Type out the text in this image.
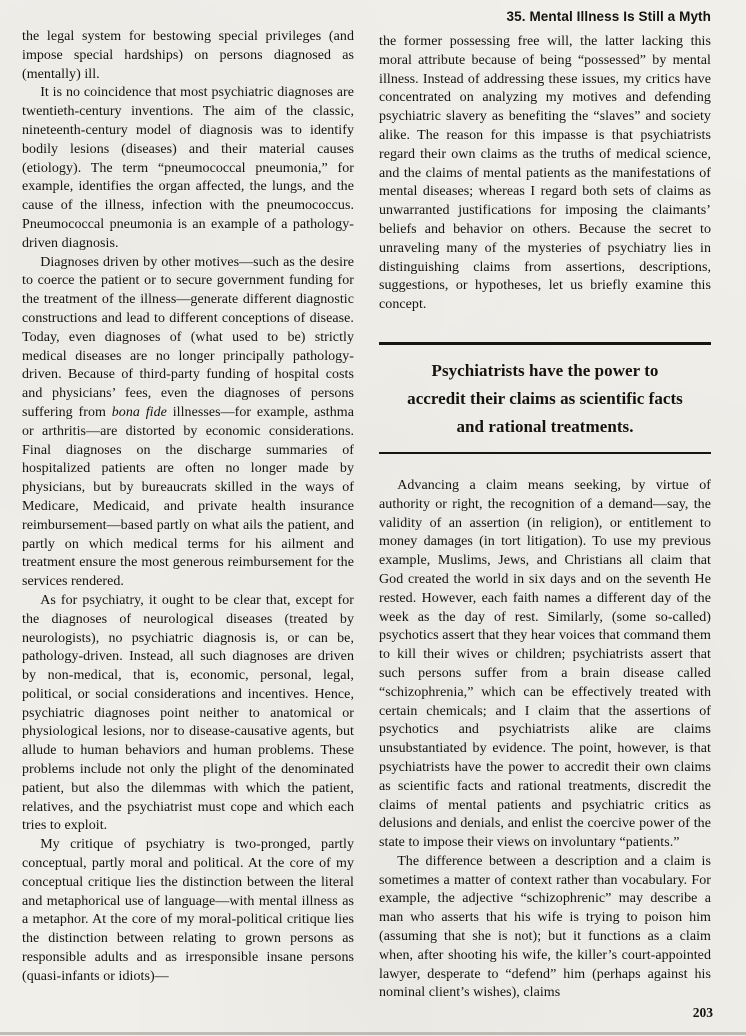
the legal system for bestowing special privileges (and impose special hardships) on persons diagnosed as (mentally) ill.

It is no coincidence that most psychiatric diagnoses are twentieth-century inventions. The aim of the classic, nineteenth-century model of diagnosis was to identify bodily lesions (diseases) and their material causes (etiology). The term “pneumococcal pneumonia,” for example, identifies the organ affected, the lungs, and the cause of the illness, infection with the pneumococcus. Pneumococcal pneumonia is an example of a pathology-driven diagnosis.

Diagnoses driven by other motives—such as the desire to coerce the patient or to secure government funding for the treatment of the illness—generate different diagnostic constructions and lead to different conceptions of disease. Today, even diagnoses of (what used to be) strictly medical diseases are no longer principally pathology-driven. Because of third-party funding of hospital costs and physicians’ fees, even the diagnoses of persons suffering from bona fide illnesses—for example, asthma or arthritis—are distorted by economic considerations. Final diagnoses on the discharge summaries of hospitalized patients are often no longer made by physicians, but by bureaucrats skilled in the ways of Medicare, Medicaid, and private health insurance reimbursement—based partly on what ails the patient, and partly on which medical terms for his ailment and treatment ensure the most generous reimbursement for the services rendered.

As for psychiatry, it ought to be clear that, except for the diagnoses of neurological diseases (treated by neurologists), no psychiatric diagnosis is, or can be, pathology-driven. Instead, all such diagnoses are driven by non-medical, that is, economic, personal, legal, political, or social considerations and incentives. Hence, psychiatric diagnoses point neither to anatomical or physiological lesions, nor to disease-causative agents, but allude to human behaviors and human problems. These problems include not only the plight of the denominated patient, but also the dilemmas with which the patient, relatives, and the psychiatrist must cope and which each tries to exploit.

My critique of psychiatry is two-pronged, partly conceptual, partly moral and political. At the core of my conceptual critique lies the distinction between the literal and metaphorical use of language—with mental illness as a metaphor. At the core of my moral-political critique lies the distinction between relating to grown persons as responsible adults and as irresponsible insane persons (quasi-infants or idiots)—

35. Mental Illness Is Still a Myth

the former possessing free will, the latter lacking this moral attribute because of being “possessed” by mental illness. Instead of addressing these issues, my critics have concentrated on analyzing my motives and defending psychiatric slavery as benefiting the “slaves” and society alike. The reason for this impasse is that psychiatrists regard their own claims as the truths of medical science, and the claims of mental patients as the manifestations of mental diseases; whereas I regard both sets of claims as unwarranted justifications for imposing the claimants’ beliefs and behavior on others. Because the secret to unraveling many of the mysteries of psychiatry lies in distinguishing claims from assertions, descriptions, suggestions, or hypotheses, let us briefly examine this concept.

Psychiatrists have the power to accredit their claims as scientific facts and rational treatments.

Advancing a claim means seeking, by virtue of authority or right, the recognition of a demand—say, the validity of an assertion (in religion), or entitlement to money damages (in tort litigation). To use my previous example, Muslims, Jews, and Christians all claim that God created the world in six days and on the seventh He rested. However, each faith names a different day of the week as the day of rest. Similarly, (some so-called) psychotics assert that they hear voices that command them to kill their wives or children; psychiatrists assert that such persons suffer from a brain disease called “schizophrenia,” which can be effectively treated with certain chemicals; and I claim that the assertions of psychotics and psychiatrists alike are claims unsubstantiated by evidence. The point, however, is that psychiatrists have the power to accredit their own claims as scientific facts and rational treatments, discredit the claims of mental patients and psychiatric critics as delusions and denials, and enlist the coercive power of the state to impose their views on involuntary “patients.”

The difference between a description and a claim is sometimes a matter of context rather than vocabulary. For example, the adjective “schizophrenic” may describe a man who asserts that his wife is trying to poison him (assuming that she is not); but it functions as a claim when, after shooting his wife, the killer’s court-appointed lawyer, desperate to “defend” him (perhaps against his nominal client’s wishes), claims

203
